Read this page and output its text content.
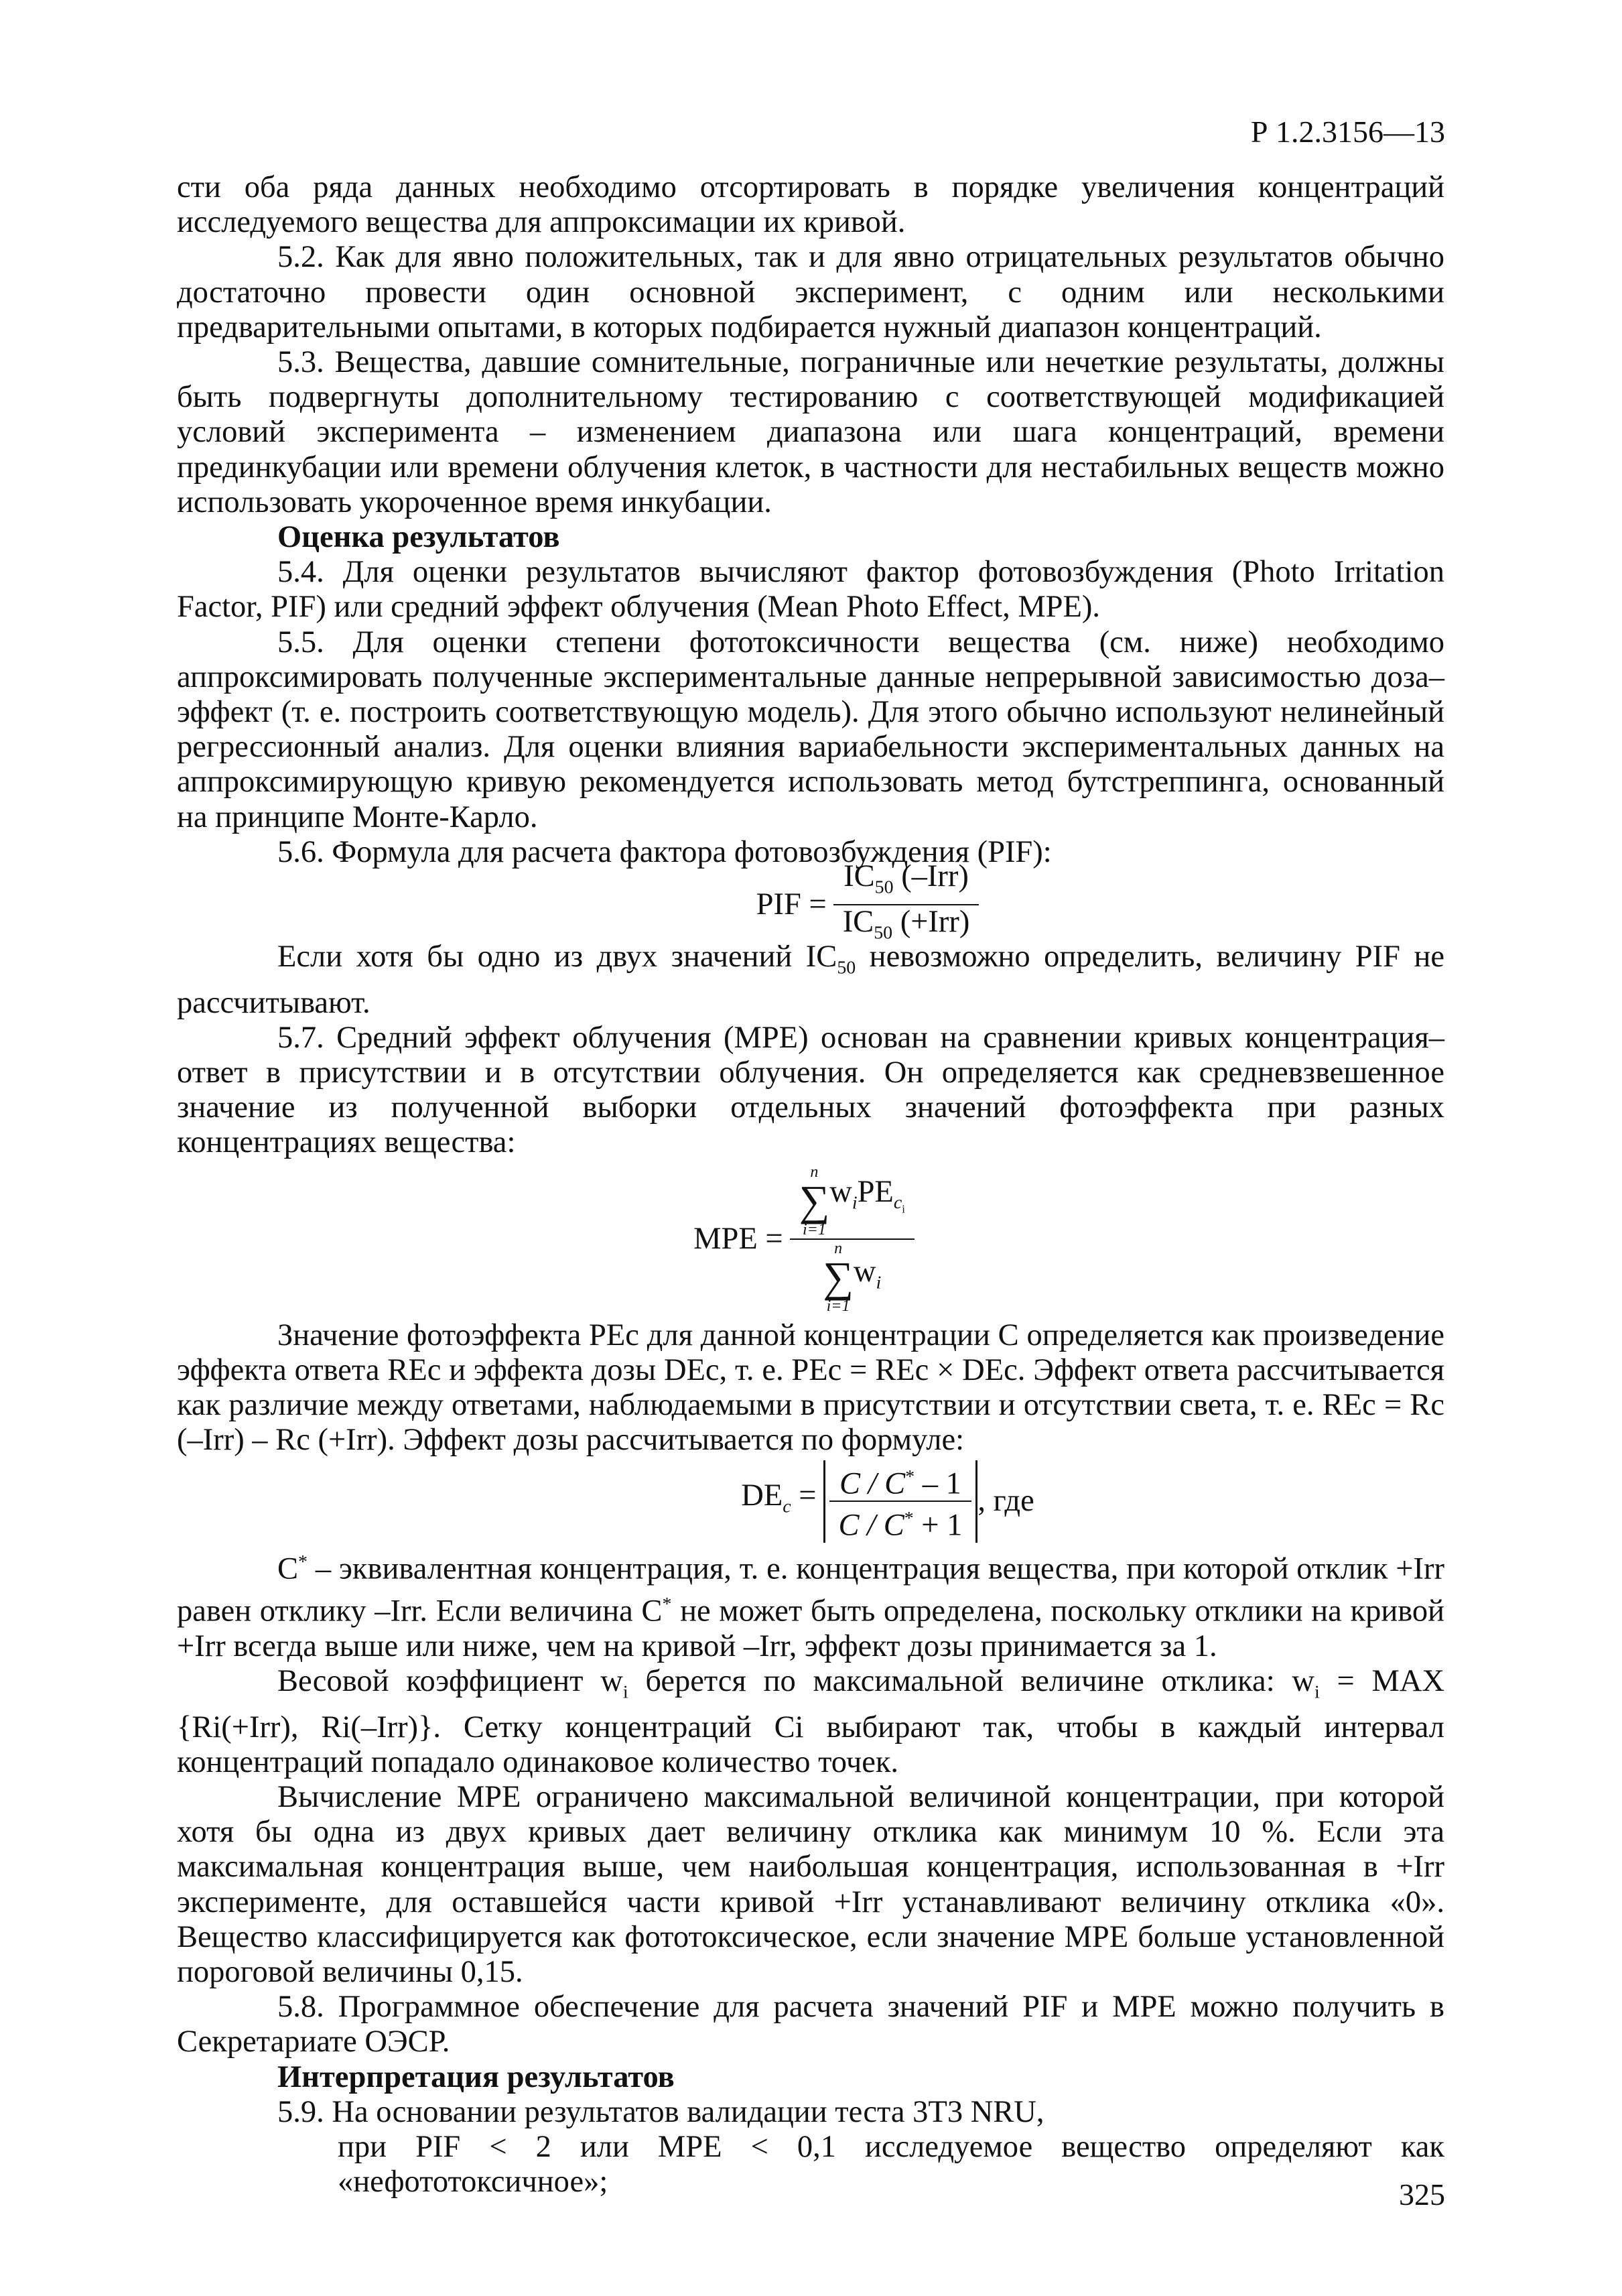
Р 1.2.3156—13

сти оба ряда данных необходимо отсортировать в порядке увеличения концентраций исследуемого вещества для аппроксимации их кривой.

5.2. Как для явно положительных, так и для явно отрицательных результатов обычно достаточно провести один основной эксперимент, с одним или несколькими предварительными опытами, в которых подбирается нужный диапазон концентраций.

5.3. Вещества, давшие сомнительные, пограничные или нечеткие результаты, должны быть подвергнуты дополнительному тестированию с соответствующей модификацией условий эксперимента – изменением диапазона или шага концентраций, времени прединкубации или времени облучения клеток, в частности для нестабильных веществ можно использовать укороченное время инкубации.

Оценка результатов

5.4. Для оценки результатов вычисляют фактор фотовозбуждения (Photo Irritation Factor, PIF) или средний эффект облучения (Mean Photo Effect, MPE).

5.5. Для оценки степени фототоксичности вещества (см. ниже) необходимо аппроксимировать полученные экспериментальные данные непрерывной зависимостью доза–эффект (т. е. построить соответствующую модель). Для этого обычно используют нелинейный регрессионный анализ. Для оценки влияния вариабельности экспериментальных данных на аппроксимирующую кривую рекомендуется использовать метод бутстреппинга, основанный на принципе Монте-Карло.

5.6. Формула для расчета фактора фотовозбуждения (PIF):

PIF = $\frac{IC_{50} (-Irr)}{IC_{50} (+Irr)}$

Если хотя бы одно из двух значений $IC_{50}$ невозможно определить, величину PIF не рассчитывают.

5.7. Средний эффект облучения (MPE) основан на сравнении кривых концентрация–ответ в присутствии и в отсутствии облучения. Он определяется как средневзвешенное значение из полученной выборки отдельных значений фотоэффекта при разных концентрациях вещества:

MPE = n
∑
i=1
$w_iPE_{c_i}$
n
∑
i=1
$w_i$

Значение фотоэффекта PEc для данной концентрации C определяется как произведение эффекта ответа REc и эффекта дозы DEc, т. е. PEc = REc × DEc. Эффект ответа рассчитывается как различие между ответами, наблюдаемыми в присутствии и отсутствии света, т. е. REc = Rc (–Irr) – Rc (+Irr). Эффект дозы рассчитывается по формуле:

$DE_c = \frac{C / C^* - 1}{C / C^* + 1}$ , где

C* – эквивалентная концентрация, т. е. концентрация вещества, при которой отклик +Irr равен отклику –Irr. Если величина C* не может быть определена, поскольку отклики на кривой +Irr всегда выше или ниже, чем на кривой –Irr, эффект дозы принимается за 1.

Весовой коэффициент $w_i$ берется по максимальной величине отклика: $w_i$ = MAX {Ri(+Irr), Ri(–Irr)}. Сетку концентраций Ci выбирают так, чтобы в каждый интервал концентраций попадало одинаковое количество точек.

Вычисление MPE ограничено максимальной величиной концентрации, при которой хотя бы одна из двух кривых дает величину отклика как минимум 10 %. Если эта максимальная концентрация выше, чем наибольшая концентрация, использованная в +Irr эксперименте, для оставшейся части кривой +Irr устанавливают величину отклика «0». Вещество классифицируется как фототоксическое, если значение MPE больше установленной пороговой величины 0,15.

5.8. Программное обеспечение для расчета значений PIF и MPE можно получить в Секретариате ОЭСР.

Интерпретация результатов

5.9. На основании результатов валидации теста 3T3 NRU,

при PIF < 2 или MPE < 0,1 исследуемое вещество определяют как «нефототоксичное»;	325
